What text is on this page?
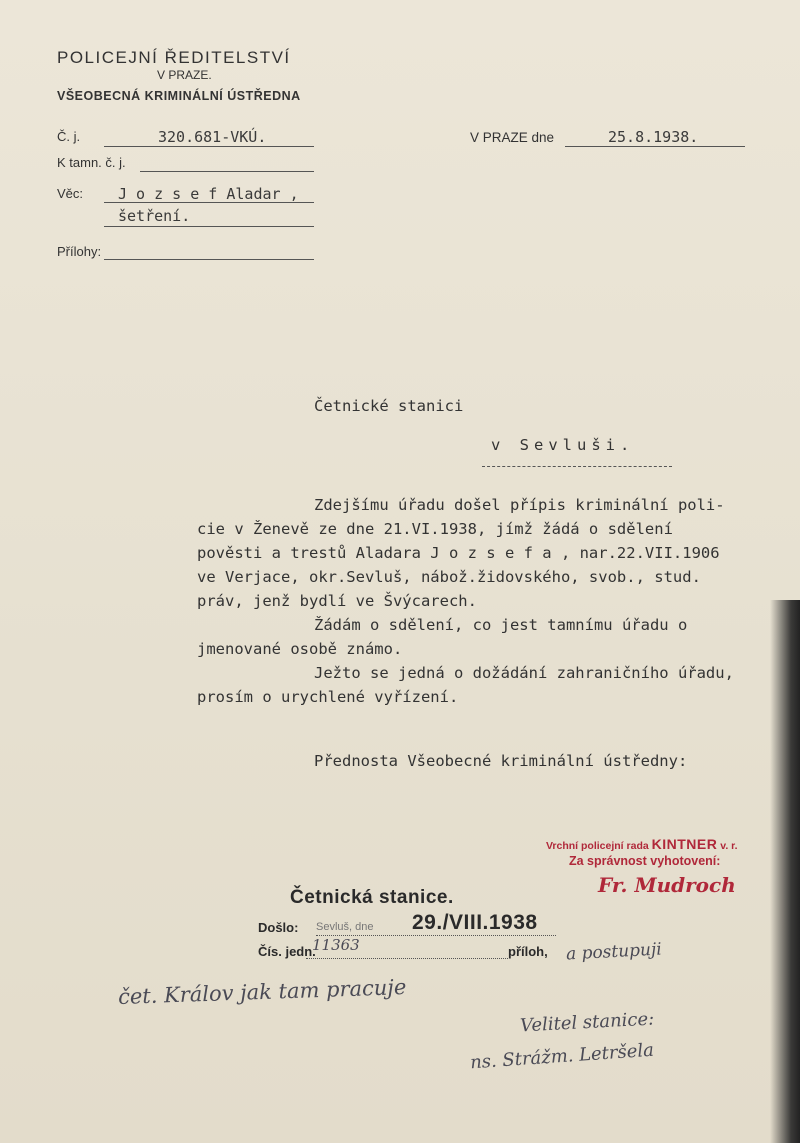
POLICEJNÍ ŘEDITELSTVÍ
V PRAZE.
VŠEOBECNÁ KRIMINÁLNÍ ÚSTŘEDNA
Č. j.	320.681-VKÚ.
K tamn. č. j.
Věc: J o z s e f Aladar ,
šetření.
Přílohy:
V PRAZE dne	25.8.1938.
Četnické stanici
v Sevluši.
Zdejšímu úřadu došel přípis kriminální poli-
cie v Ženevě ze dne 21.VI.1938, jímž žádá o sdělení
pověsti a trestů Aladara J o z s e f a , nar.22.VII.1906
ve Verjace, okr.Sevluš, nábož.židovského, svob., stud.
práv, jenž bydlí ve Švýcarech.
Žádám o sdělení, co jest tamnímu úřadu o
jmenované osobě známo.
Ježto se jedná o dožádání zahraničního úřadu,
prosím o urychlené vyřízení.
Přednosta Všeobecné kriminální ústředny:
Vrchní policejní rada KINTNER v. r.
Za správnost vyhotovení:
Fr. Mudroch
Četnická stanice.
Došlo: Sevluš, dne 29./VIII.1938
Čís. jedn.
11363	příloh, a postupuji
čet. Králov jak tam pracuje
Velitel stanice:
ns. Strážm. Letršela
